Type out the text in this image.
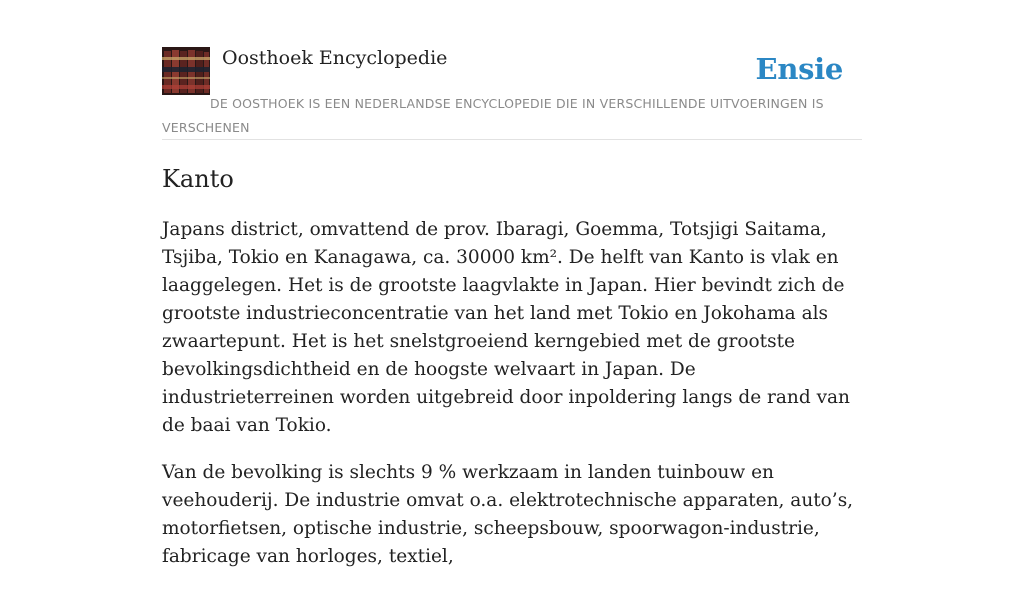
Oosthoek Encyclopedie	Ensie
DE OOSTHOEK IS EEN NEDERLANDSE ENCYCLOPEDIE DIE IN VERSCHILLENDE UITVOERINGEN IS VERSCHENEN
Kanto

Japans district, omvattend de prov. Ibaragi, Goemma, Totsjigi Saitama, Tsjiba, Tokio en Kanagawa, ca. 30000 km². De helft van Kanto is vlak en laaggelegen. Het is de grootste laagvlakte in Japan. Hier bevindt zich de grootste industrieconcentratie van het land met Tokio en Jokohama als zwaartepunt. Het is het snelstgroeiend kerngebied met de grootste bevolkingsdichtheid en de hoogste welvaart in Japan. De industrieterreinen worden uitgebreid door inpoldering langs de rand van de baai van Tokio.

Van de bevolking is slechts 9 % werkzaam in landen tuinbouw en veehouderij. De industrie omvat o.a. elektrotechnische apparaten, auto’s, motorfietsen, optische industrie, scheepsbouw, spoorwagon-industrie, fabricage van horloges, textiel,
